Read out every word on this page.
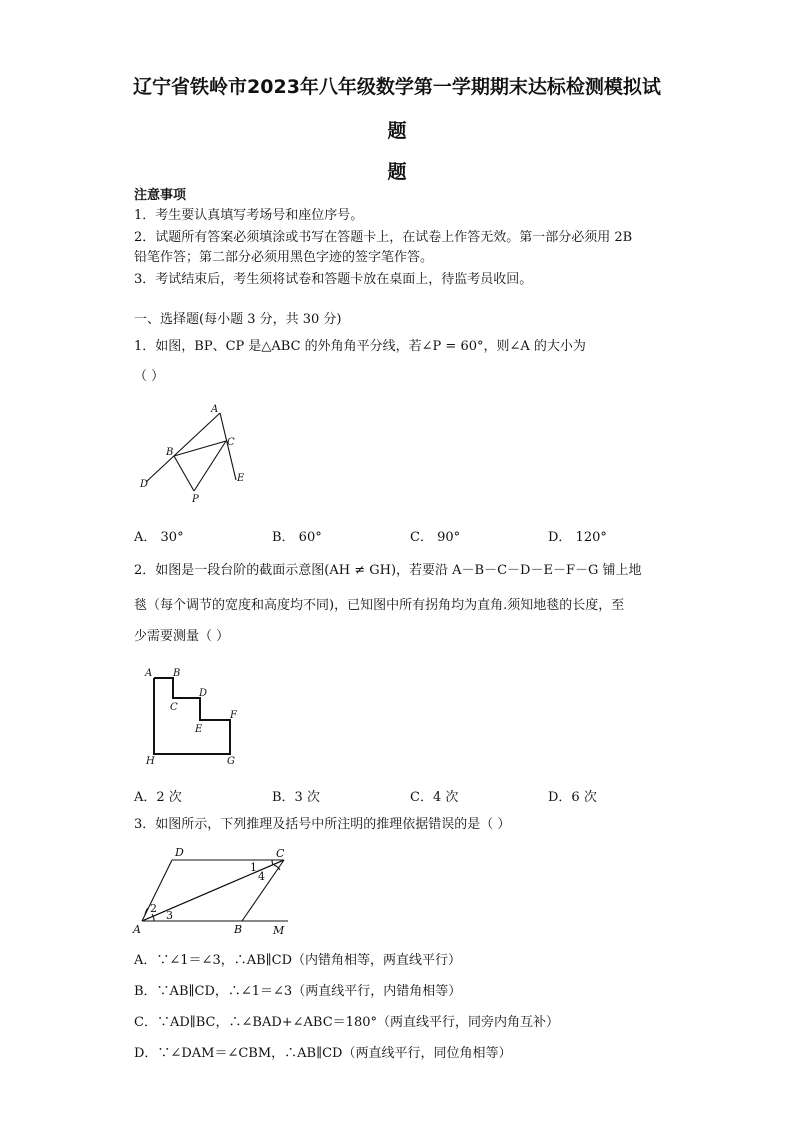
辽宁省铁岭市2023年八年级数学第一学期期末达标检测模拟试
题
题
注意事项
1．考生要认真填写考场号和座位序号。
2．试题所有答案必须填涂或书写在答题卡上，在试卷上作答无效。第一部分必须用 2B
铅笔作答；第二部分必须用黑色字迹的签字笔作答。
3．考试结束后，考生须将试卷和答题卡放在桌面上，待监考员收回。
一、选择题(每小题 3 分，共 30 分)
1．如图，BP、CP 是△ABC 的外角角平分线，若∠P = 60°，则∠A 的大小为
（ ）
A
B
C
D
E
P
A． 30°	B． 60°	C． 90°	D． 120°
2．如图是一段台阶的截面示意图(AH ≠ GH)，若要沿 A－B－C－D－E－F－G 铺上地
毯（每个调节的宽度和高度均不同)，已知图中所有拐角均为直角.须知地毯的长度，至
少需要测量（ ）
A B
C
D
E
F
G
H
A．2 次	B．3 次	C．4 次	D．6 次
3．如图所示，下列推理及括号中所注明的推理依据错误的是（ ）
D	C
A	B	M
1
4
2
3
A．∵∠1＝∠3，∴AB∥CD（内错角相等，两直线平行）
B．∵AB∥CD，∴∠1＝∠3（两直线平行，内错角相等）
C．∵AD∥BC，∴∠BAD+∠ABC＝180°（两直线平行，同旁内角互补）
D．∵∠DAM＝∠CBM，∴AB∥CD（两直线平行，同位角相等）
